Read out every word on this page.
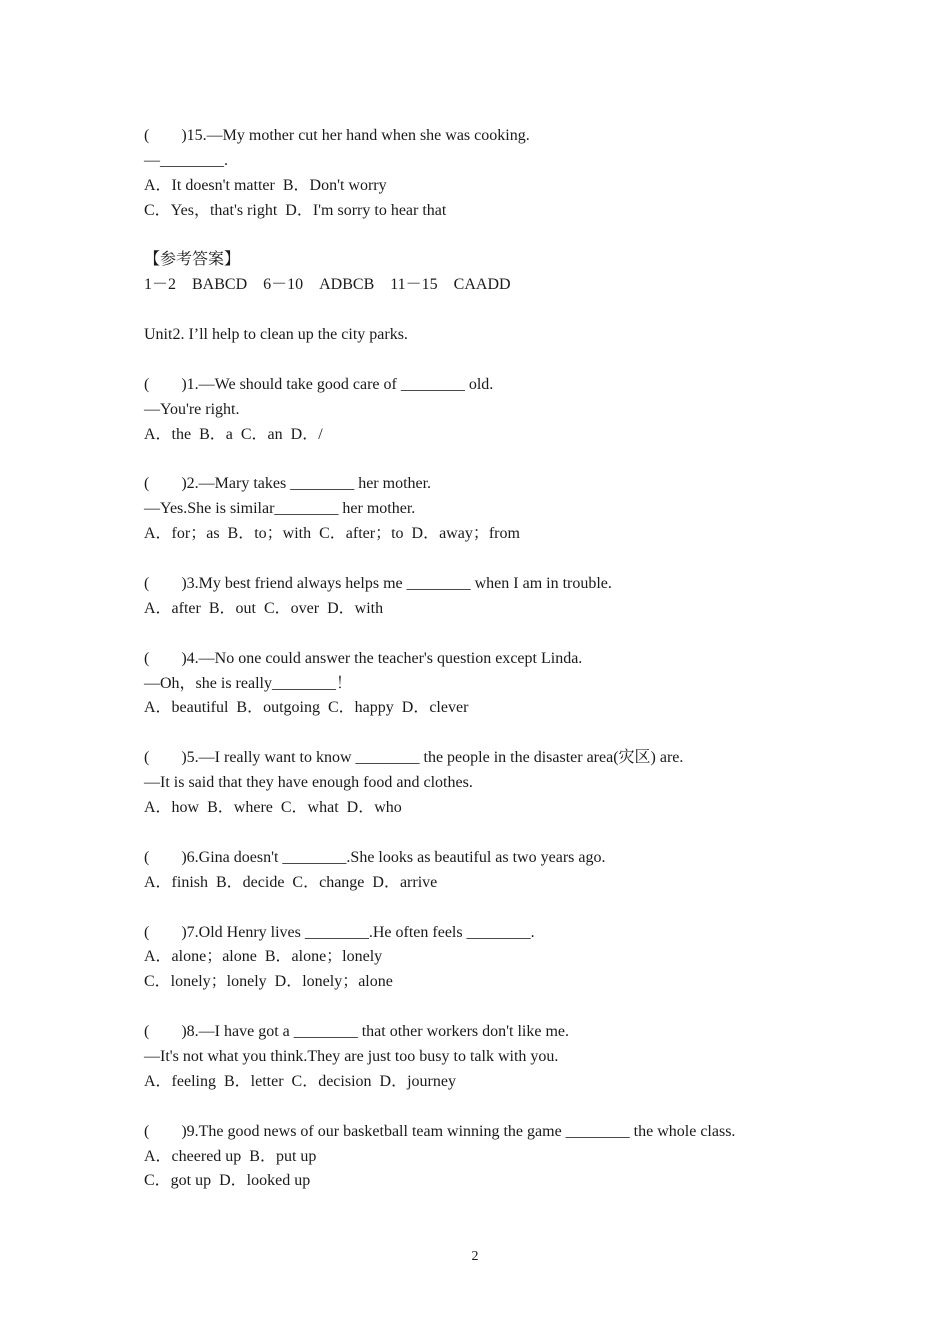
(　　)15.—My mother cut her hand when she was cooking.
—________.
A．It doesn't matter  B．Don't worry
C．Yes，that's right  D．I'm sorry to hear that
【参考答案】
1－2　BABCD　6－10　ADBCB　11－15　CAADD
Unit2. I’ll help to clean up the city parks.
(　　)1.—We should take good care of ________ old.
—You're right.
A．the  B．a  C．an  D．/
(　　)2.—Mary takes ________ her mother.
—Yes.She is similar________ her mother.
A．for；as  B．to；with  C．after；to  D．away；from
(　　)3.My best friend always helps me ________ when I am in trouble.
A．after  B．out  C．over  D．with
(　　)4.—No one could answer the teacher's question except Linda.
—Oh，she is really________！
A．beautiful  B．outgoing  C．happy  D．clever
(　　)5.—I really want to know ________ the people in the disaster area(灾区) are.
—It is said that they have enough food and clothes.
A．how  B．where  C．what  D．who
(　　)6.Gina doesn't ________.She looks as beautiful as two years ago.
A．finish  B．decide  C．change  D．arrive
(　　)7.Old Henry lives ________.He often feels ________.
A．alone；alone  B．alone；lonely
C．lonely；lonely  D．lonely；alone
(　　)8.—I have got a ________ that other workers don't like me.
—It's not what you think.They are just too busy to talk with you.
A．feeling  B．letter  C．decision  D．journey
(　　)9.The good news of our basketball team winning the game ________ the whole class.
A．cheered up  B．put up
C．got up  D．looked up
2
